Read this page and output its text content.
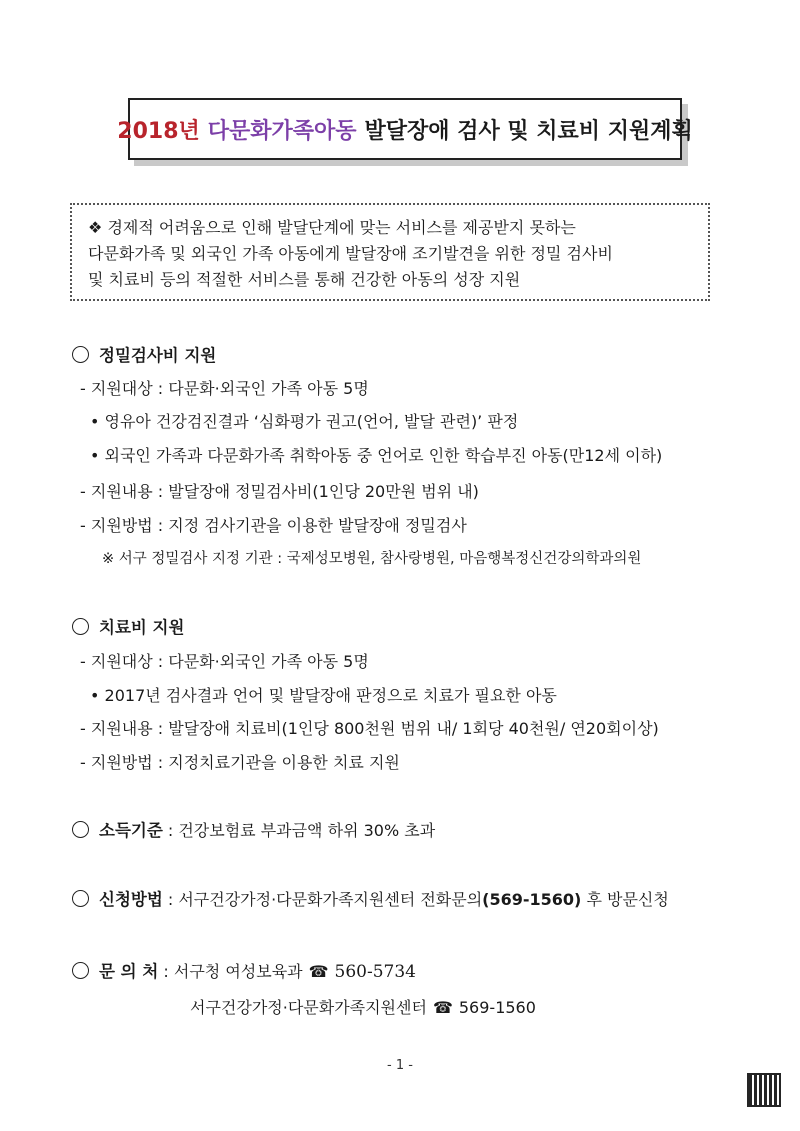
2018년 다문화가족아동 발달장애 검사 및 치료비 지원계획
❖ 경제적 어려움으로 인해 발달단계에 맞는 서비스를 제공받지 못하는
다문화가족 및 외국인 가족 아동에게 발달장애 조기발견을 위한 정밀 검사비
및 치료비 등의 적절한 서비스를 통해 건강한 아동의 성장 지원
정밀검사비 지원
- 지원대상 : 다문화·외국인 가족 아동 5명
• 영유아 건강검진결과 ‘심화평가 권고(언어, 발달 관련)’ 판정
• 외국인 가족과 다문화가족 취학아동 중 언어로 인한 학습부진 아동(만12세 이하)
- 지원내용 : 발달장애 정밀검사비(1인당 20만원 범위 내)
- 지원방법 : 지정 검사기관을 이용한 발달장애 정밀검사
※ 서구 정밀검사 지정 기관 : 국제성모병원, 참사랑병원, 마음행복정신건강의학과의원
치료비 지원
- 지원대상 : 다문화·외국인 가족 아동 5명
• 2017년 검사결과 언어 및 발달장애 판정으로 치료가 필요한 아동
- 지원내용 : 발달장애 치료비(1인당 800천원 범위 내/ 1회당 40천원/ 연20회이상)
- 지원방법 : 지정치료기관을 이용한 치료 지원
소득기준 : 건강보험료 부과금액 하위 30% 초과
신청방법 : 서구건강가정·다문화가족지원센터 전화문의(569-1560) 후 방문신청
문 의 처 : 서구청 여성보육과 ☎ 560-5734
서구건강가정·다문화가족지원센터 ☎ 569-1560
- 1 -
